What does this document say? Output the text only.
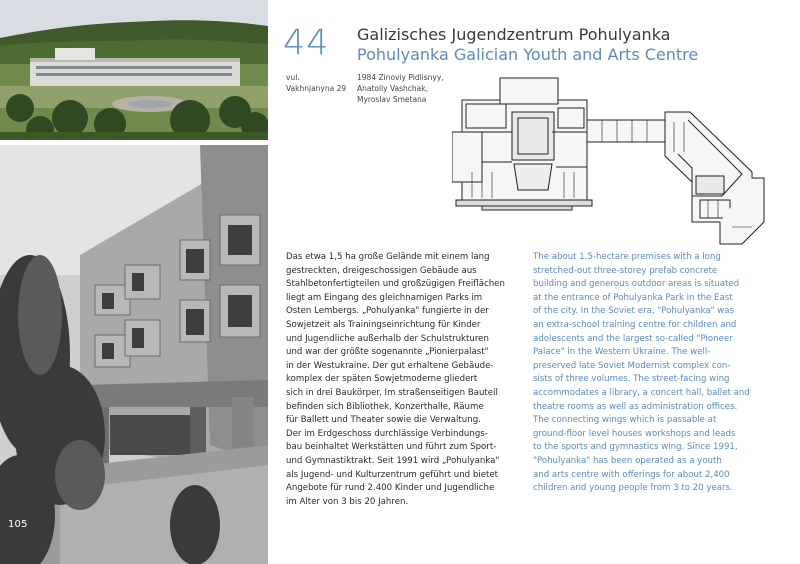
105
44 Galizisches Jugendzentrum Pohulyanka
Pohulyanka Galician Youth and Arts Centre
vul.
Vakhnjanyna 29
1984 Zinoviy Pidlisnyy,
Anatoliy Vashchak,
Myroslav Smetana
Das etwa 1,5 ha große Gelände mit einem lang
gestreckten, dreigeschossigen Gebäude aus
Stahlbetonfertigteilen und großzügigen Freiflächen
liegt am Eingang des gleichnamigen Parks im
Osten Lembergs. „Pohulyanka" fungierte in der
Sowjetzeit als Trainingseinrichtung für Kinder
und Jugendliche außerhalb der Schulstrukturen
und war der größte sogenannte „Pionierpalast"
in der Westukraine. Der gut erhaltene Gebäude-
komplex der späten Sowjetmoderne gliedert
sich in drei Baukörper. Im straßenseitigen Bauteil
befinden sich Bibliothek, Konzerthalle, Räume
für Ballett und Theater sowie die Verwaltung.
Der im Erdgeschoss durchlässige Verbindungs-
bau beinhaltet Werkstätten und führt zum Sport-
und Gymnastiktrakt. Seit 1991 wird „Pohulyanka"
als Jugend- und Kulturzentrum geführt und bietet
Angebote für rund 2.400 Kinder und Jugendliche
im Alter von 3 bis 20 Jahren.
The about 1.5-hectare premises with a long
stretched-out three-storey prefab concrete
building and generous outdoor areas is situated
at the entrance of Pohulyanka Park in the East
of the city. In the Soviet era, "Pohulyanka" was
an extra-school training centre for children and
adolescents and the largest so-called "Pioneer
Palace" in the Western Ukraine. The well-
preserved late Soviet Modernist complex con-
sists of three volumes. The street-facing wing
accommodates a library, a concert hall, ballet and
theatre rooms as well as administration offices.
The connecting wings which is passable at
ground-floor level houses workshops and leads
to the sports and gymnastics wing. Since 1991,
"Pohulyanka" has been operated as a youth
and arts centre with offerings for about 2,400
children and young people from 3 to 20 years.
